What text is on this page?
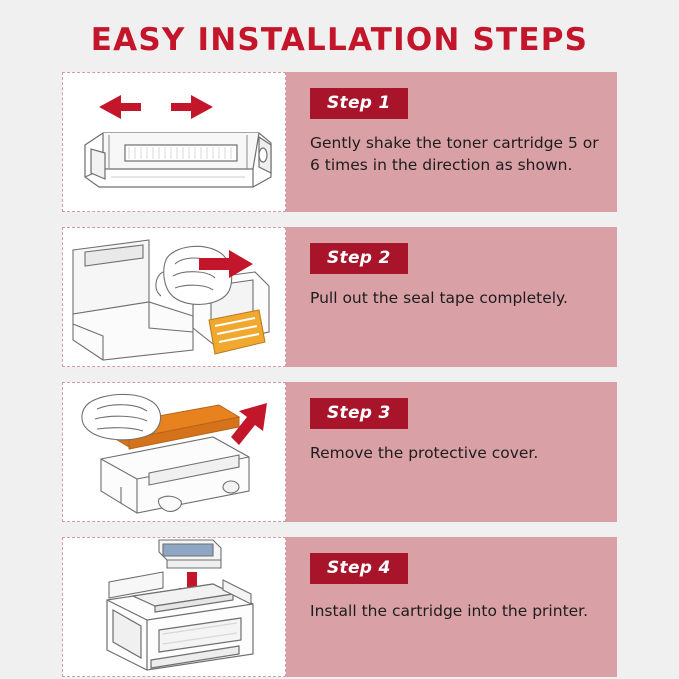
EASY INSTALLATION STEPS
Step 1
Gently shake the toner cartridge 5 or 6 times in the direction as shown.
Step 2
Pull out the seal tape completely.
Step 3
Remove the protective cover.
Step 4
Install the cartridge into the printer.
